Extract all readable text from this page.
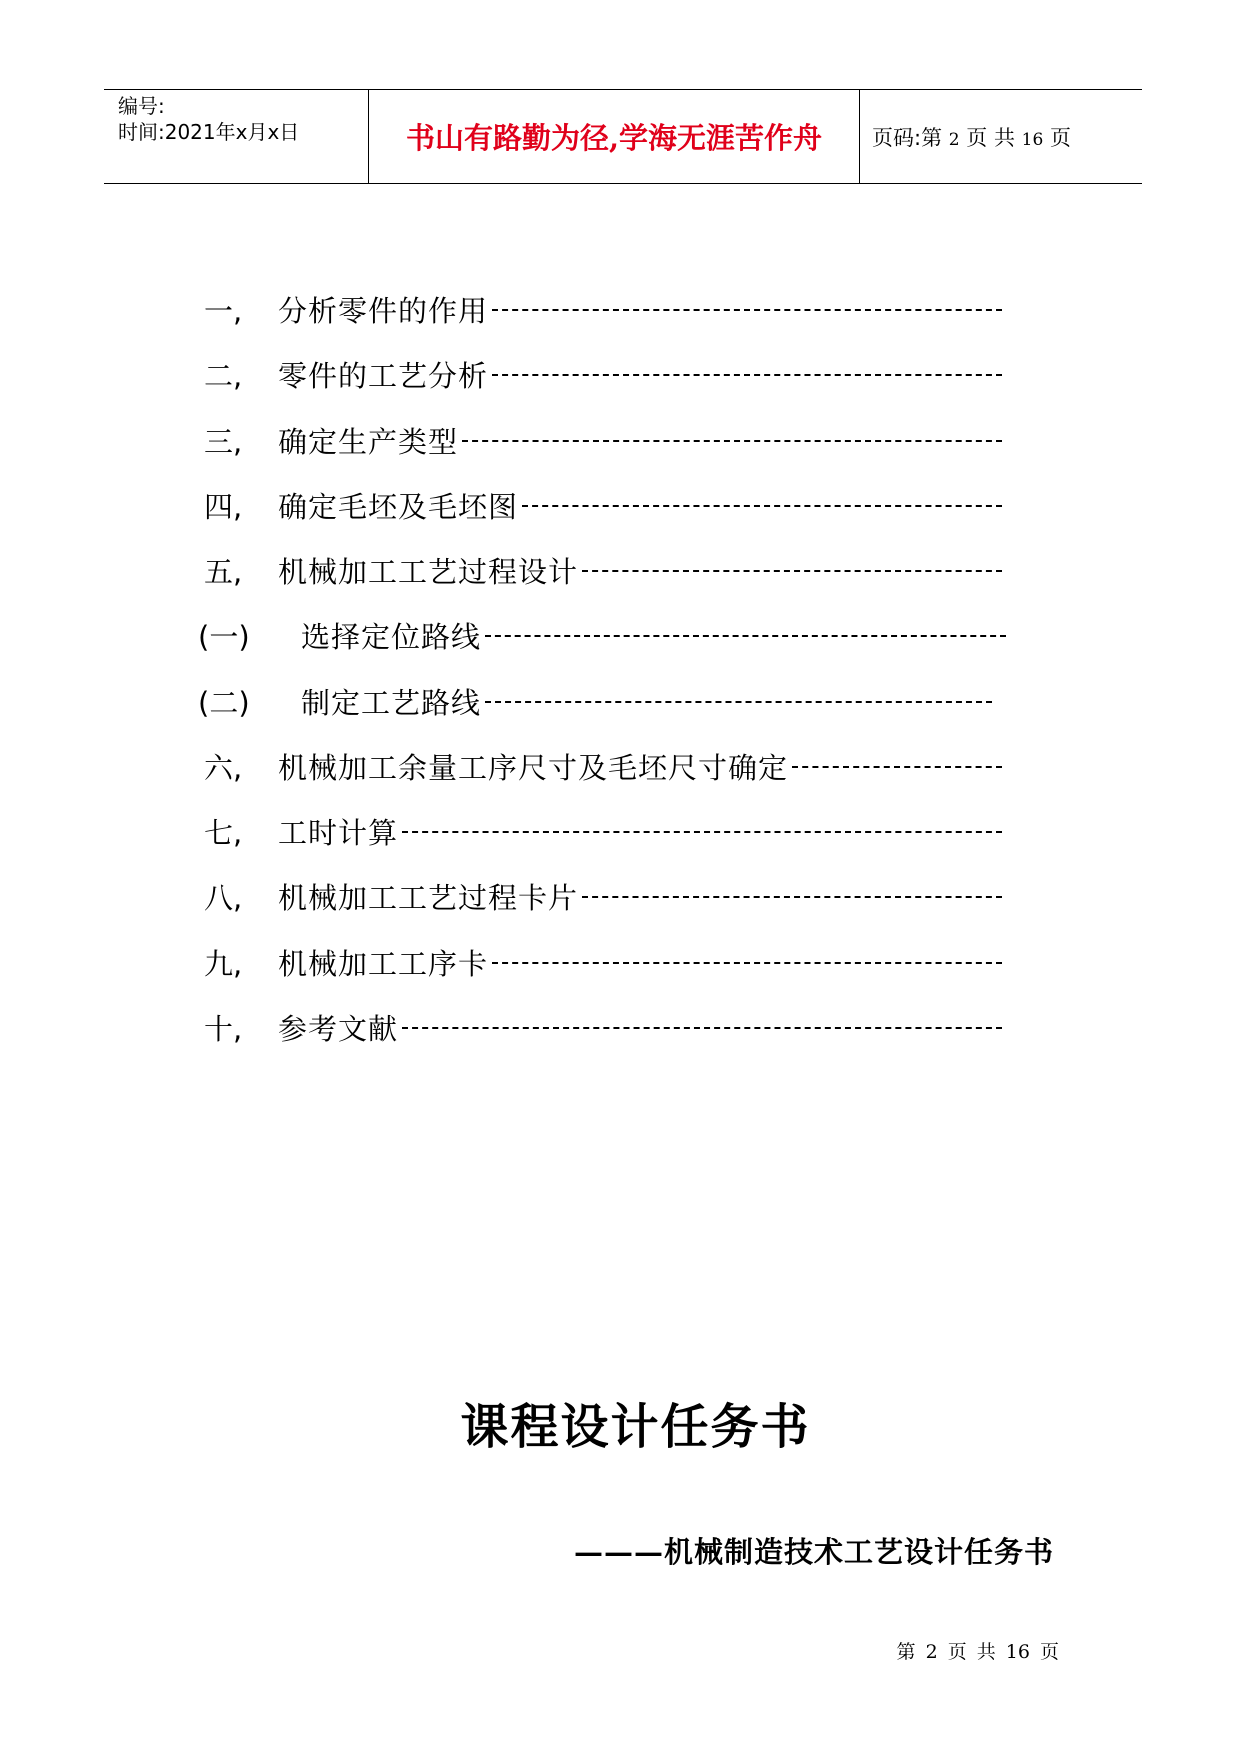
编号:
时间:2021年x月x日	书山有路勤为径,学海无涯苦作舟 页码:第 2 页 共 16 页
一,	分析零件的作用
二,	零件的工艺分析
三,	确定生产类型
四,	确定毛坯及毛坯图
五,	机械加工工艺过程设计
(一)	选择定位路线
(二)	制定工艺路线
六,	机械加工余量工序尺寸及毛坯尺寸确定
七,	工时计算
八,	机械加工工艺过程卡片
九,	机械加工工序卡
十,	参考文献
课程设计任务书
———机械制造技术工艺设计任务书
第 2 页 共 16 页
